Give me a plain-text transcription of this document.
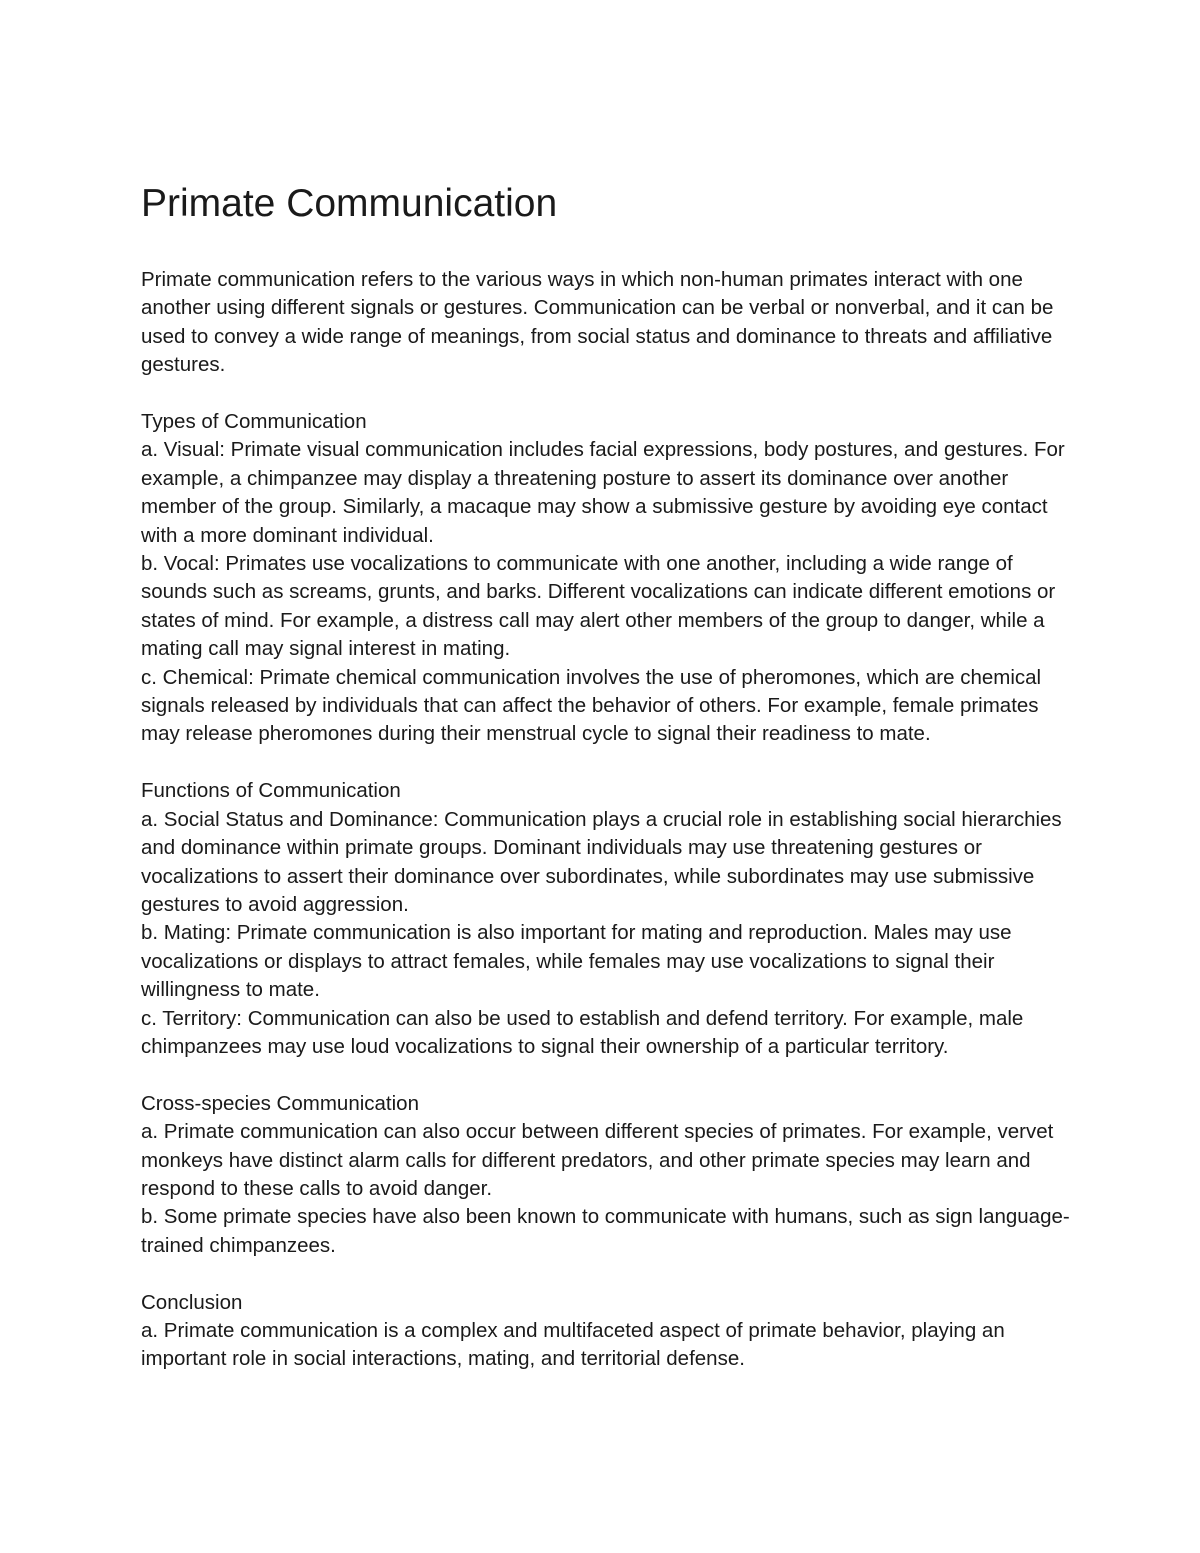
Primate Communication

Primate communication refers to the various ways in which non-human primates interact with one another using different signals or gestures. Communication can be verbal or nonverbal, and it can be used to convey a wide range of meanings, from social status and dominance to threats and affiliative gestures.

Types of Communication
a. Visual: Primate visual communication includes facial expressions, body postures, and gestures. For example, a chimpanzee may display a threatening posture to assert its dominance over another member of the group. Similarly, a macaque may show a submissive gesture by avoiding eye contact with a more dominant individual.
b. Vocal: Primates use vocalizations to communicate with one another, including a wide range of sounds such as screams, grunts, and barks. Different vocalizations can indicate different emotions or states of mind. For example, a distress call may alert other members of the group to danger, while a mating call may signal interest in mating.
c. Chemical: Primate chemical communication involves the use of pheromones, which are chemical signals released by individuals that can affect the behavior of others. For example, female primates may release pheromones during their menstrual cycle to signal their readiness to mate.
Functions of Communication
a. Social Status and Dominance: Communication plays a crucial role in establishing social hierarchies and dominance within primate groups. Dominant individuals may use threatening gestures or vocalizations to assert their dominance over subordinates, while subordinates may use submissive gestures to avoid aggression.
b. Mating: Primate communication is also important for mating and reproduction. Males may use vocalizations or displays to attract females, while females may use vocalizations to signal their willingness to mate.
c. Territory: Communication can also be used to establish and defend territory. For example, male chimpanzees may use loud vocalizations to signal their ownership of a particular territory.
Cross-species Communication
a. Primate communication can also occur between different species of primates. For example, vervet monkeys have distinct alarm calls for different predators, and other primate species may learn and respond to these calls to avoid danger.
b. Some primate species have also been known to communicate with humans, such as sign language-trained chimpanzees.
Conclusion
a. Primate communication is a complex and multifaceted aspect of primate behavior, playing an important role in social interactions, mating, and territorial defense.
